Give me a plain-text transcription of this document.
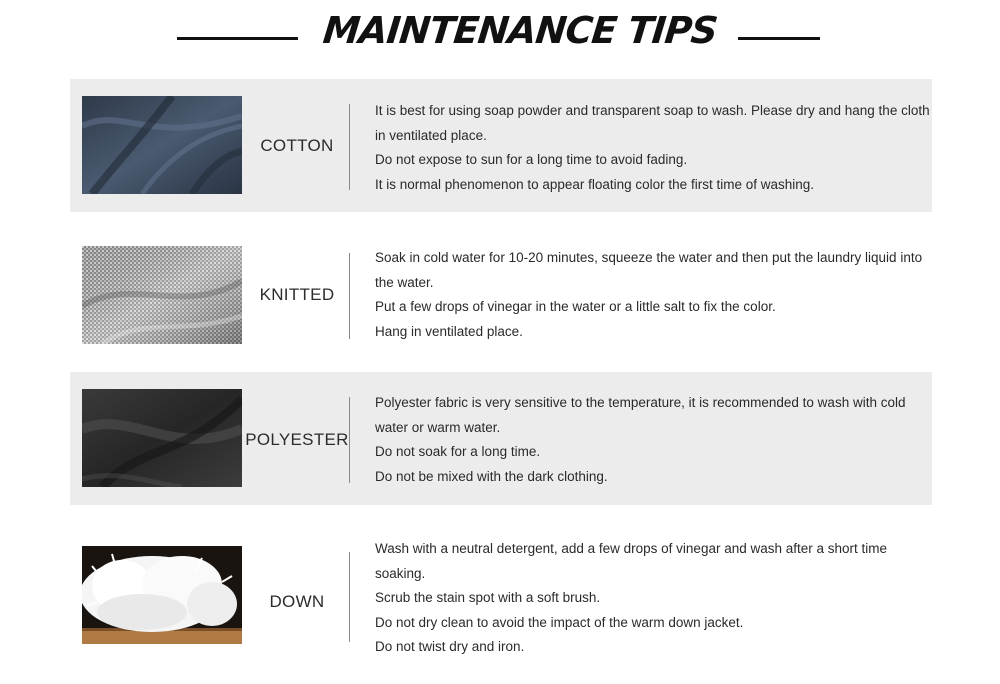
MAINTENANCE TIPS
COTTON

It is best for using soap powder and transparent soap to wash. Please dry and hang the cloth in ventilated place.

Do not expose to sun for a long time to avoid fading.

It is normal phenomenon to appear floating color the first time of washing.

KNITTED

Soak in cold water for 10-20 minutes, squeeze the water and then put the laundry liquid into the water.

Put a few drops of vinegar in the water or a little salt to fix the color.

Hang in ventilated place.

POLYESTER

Polyester fabric is very sensitive to the temperature, it is recommended to wash with cold water or warm water.

Do not soak for a long time.

Do not be mixed with the dark clothing.

DOWN

Wash with a neutral detergent, add a few drops of vinegar and wash after a short time soaking.

Scrub the stain spot with a soft brush.

Do not dry clean to avoid the impact of the warm down jacket.

Do not twist dry and iron.
